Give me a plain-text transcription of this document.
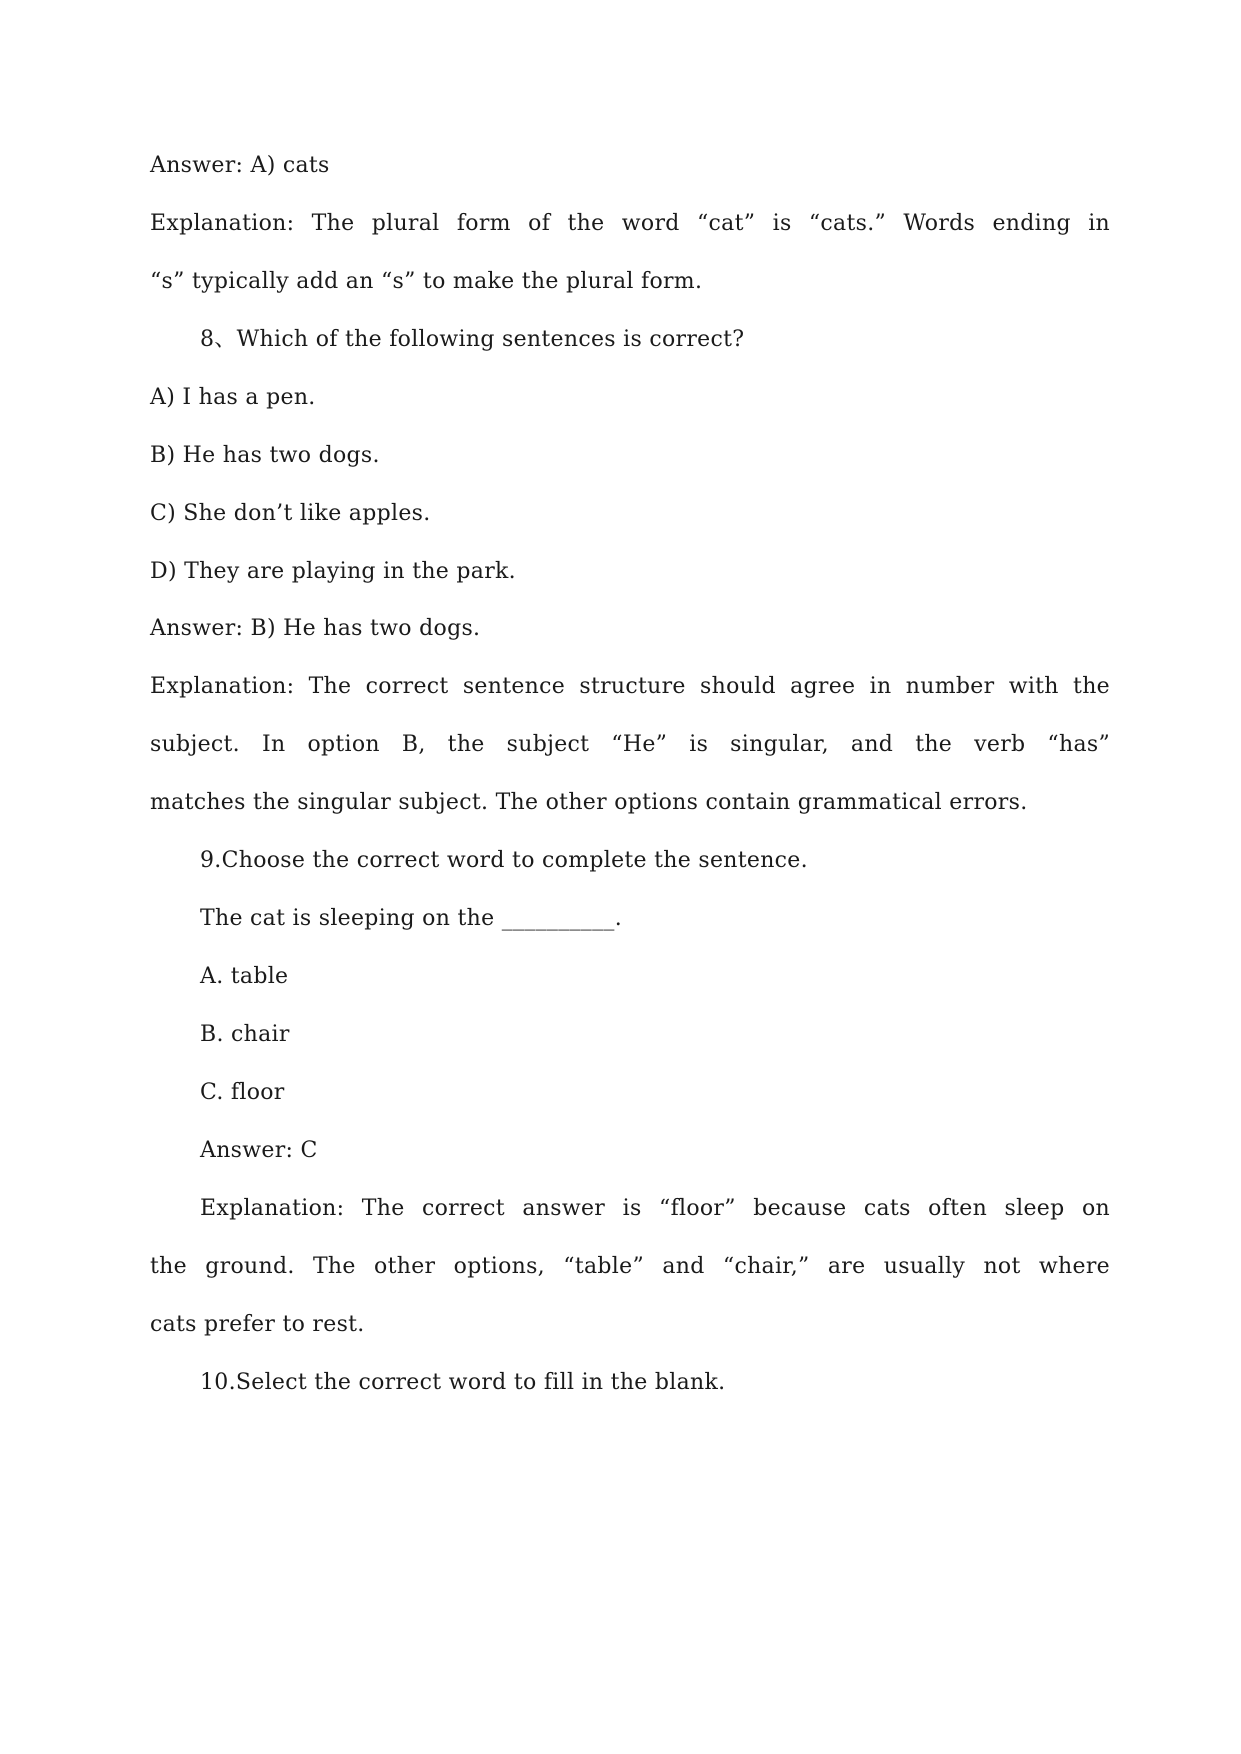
Answer: A) cats
Explanation: The plural form of the word “cat” is “cats.” Words ending in
“s” typically add an “s” to make the plural form.
8、Which of the following sentences is correct?
A) I has a pen.
B) He has two dogs.
C) She don’t like apples.
D) They are playing in the park.
Answer: B) He has two dogs.
Explanation: The correct sentence structure should agree in number with the
subject. In option B, the subject “He” is singular, and the verb “has”
matches the singular subject. The other options contain grammatical errors.
9.Choose the correct word to complete the sentence.
The cat is sleeping on the __________.
A. table
B. chair
C. floor
Answer: C
Explanation: The correct answer is “floor” because cats often sleep on
the ground. The other options, “table” and “chair,” are usually not where
cats prefer to rest.
10.Select the correct word to fill in the blank.
